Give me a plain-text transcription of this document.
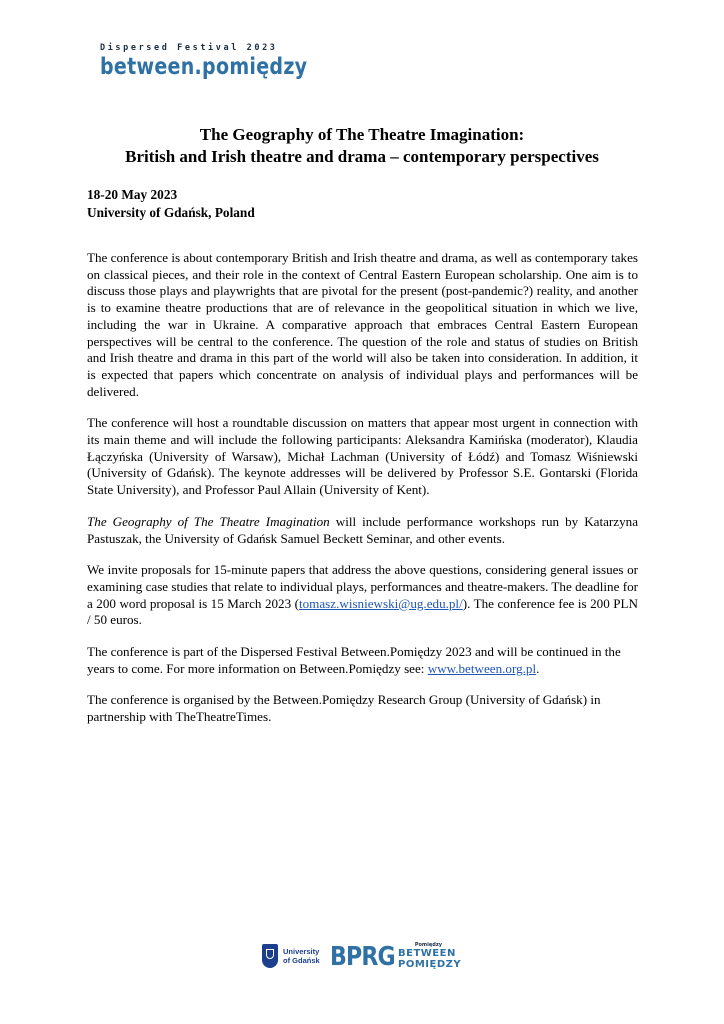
Dispersed Festival 2023
between.pomiędzy
The Geography of The Theatre Imagination:
British and Irish theatre and drama – contemporary perspectives
18-20 May 2023
University of Gdańsk, Poland

The conference is about contemporary British and Irish theatre and drama, as well as contemporary takes on classical pieces, and their role in the context of Central Eastern European scholarship. One aim is to discuss those plays and playwrights that are pivotal for the present (post-pandemic?) reality, and another is to examine theatre productions that are of relevance in the geopolitical situation in which we live, including the war in Ukraine. A comparative approach that embraces Central Eastern European perspectives will be central to the conference. The question of the role and status of studies on British and Irish theatre and drama in this part of the world will also be taken into consideration. In addition, it is expected that papers which concentrate on analysis of individual plays and performances will be delivered.

The conference will host a roundtable discussion on matters that appear most urgent in connection with its main theme and will include the following participants: Aleksandra Kamińska (moderator), Klaudia Łączyńska (University of Warsaw), Michał Lachman (University of Łódź) and Tomasz Wiśniewski (University of Gdańsk). The keynote addresses will be delivered by Professor S.E. Gontarski (Florida State University), and Professor Paul Allain (University of Kent).

The Geography of The Theatre Imagination will include performance workshops run by Katarzyna Pastuszak, the University of Gdańsk Samuel Beckett Seminar, and other events.

We invite proposals for 15-minute papers that address the above questions, considering general issues or examining case studies that relate to individual plays, performances and theatre-makers. The deadline for a 200 word proposal is 15 March 2023 (tomasz.wisniewski@ug.edu.pl/). The conference fee is 200 PLN / 50 euros.

The conference is part of the Dispersed Festival Between.Pomiędzy 2023 and will be continued in the years to come. For more information on Between.Pomiędzy see: www.between.org.pl.

The conference is organised by the Between.Pomiędzy Research Group (University of Gdańsk) in partnership with TheTheatreTimes.

University
of Gdańsk BPRG	Pomiędzy
BETWEEN
POMIĘDZY
